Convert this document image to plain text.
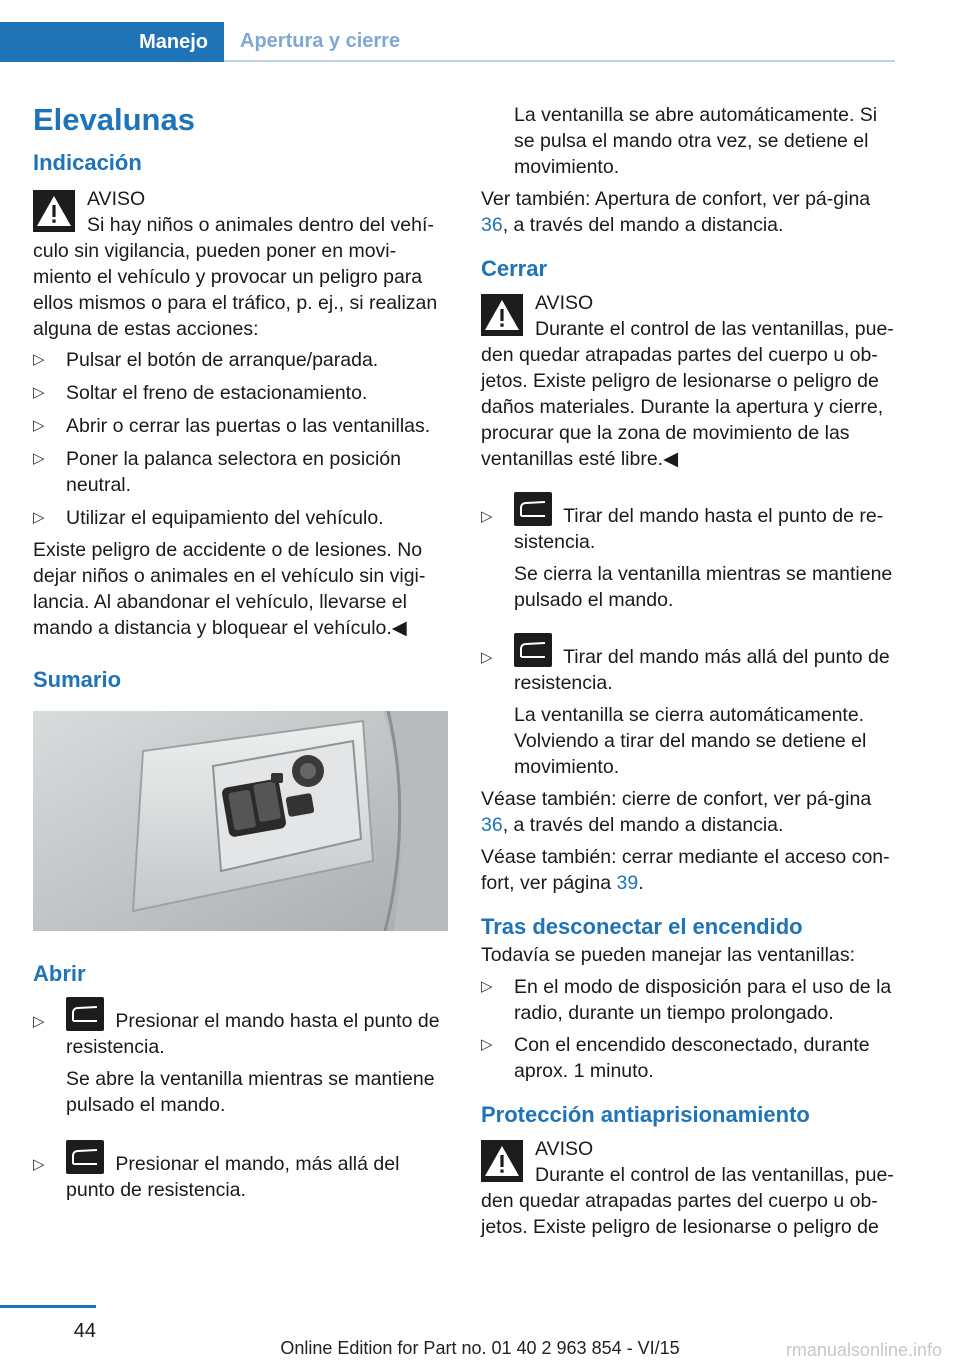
Manejo	Apertura y cierre
Elevalunas
Indicación
AVISO

Si hay niños o animales dentro del vehí-culo sin vigilancia, pueden poner en movi-miento el vehículo y provocar un peligro para ellos mismos o para el tráfico, p. ej., si realizan alguna de estas acciones:

▷ Pulsar el botón de arranque/parada.
▷ Soltar el freno de estacionamiento.
▷ Abrir o cerrar las puertas o las ventanillas.
▷ Poner la palanca selectora en posición neutral.
▷ Utilizar el equipamiento del vehículo.

Existe peligro de accidente o de lesiones. No dejar niños o animales en el vehículo sin vigi-lancia. Al abandonar el vehículo, llevarse el mando a distancia y bloquear el vehículo.◀

Sumario
Abrir
▷	Presionar el mando hasta el punto de resistencia.

Se abre la ventanilla mientras se mantiene pulsado el mando.

▷	Presionar el mando, más allá del punto de resistencia.

La ventanilla se abre automáticamente. Si se pulsa el mando otra vez, se detiene el movimiento.

Ver también: Apertura de confort, ver pá-gina 36, a través del mando a distancia.

Cerrar
AVISO

Durante el control de las ventanillas, pue-den quedar atrapadas partes del cuerpo u ob-jetos. Existe peligro de lesionarse o peligro de daños materiales. Durante la apertura y cierre, procurar que la zona de movimiento de las ventanillas esté libre.◀

▷	Tirar del mando hasta el punto de re-sistencia.

Se cierra la ventanilla mientras se mantiene pulsado el mando.

▷	Tirar del mando más allá del punto de resistencia.

La ventanilla se cierra automáticamente. Volviendo a tirar del mando se detiene el movimiento.

Véase también: cierre de confort, ver pá-gina 36, a través del mando a distancia.

Véase también: cerrar mediante el acceso con-fort, ver página 39.

Tras desconectar el encendido

Todavía se pueden manejar las ventanillas:

▷ En el modo de disposición para el uso de la radio, durante un tiempo prolongado.
▷ Con el encendido desconectado, durante aprox. 1 minuto.
Protección antiaprisionamiento
AVISO

Durante el control de las ventanillas, pue-den quedar atrapadas partes del cuerpo u ob-jetos. Existe peligro de lesionarse o peligro de

44
Online Edition for Part no. 01 40 2 963 854 - VI/15	rmanualsonline.info
